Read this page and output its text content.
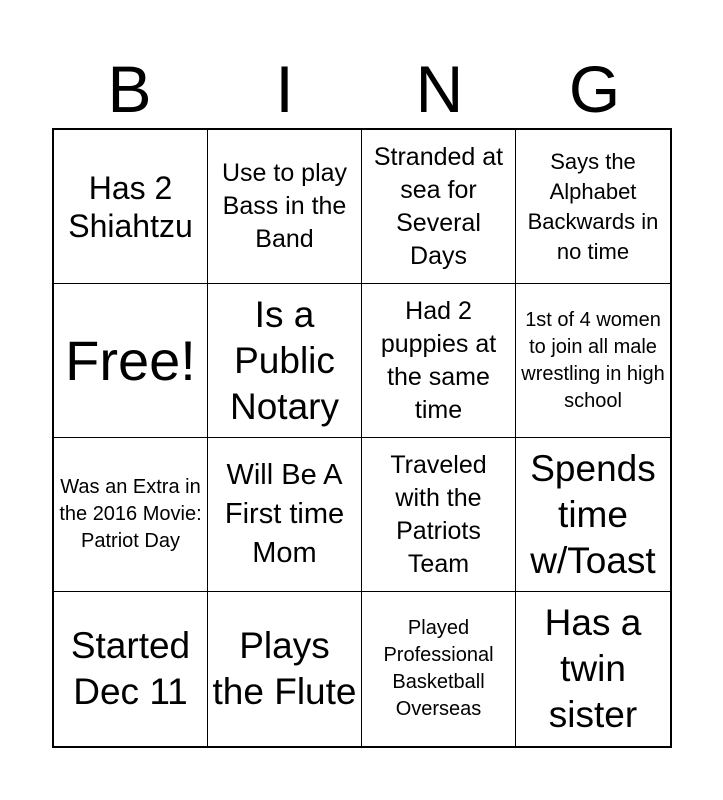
B	I	N	G
Has 2 Shiahtzu
Use to play Bass in the Band
Stranded at sea for Several Days
Says the Alphabet Backwards in no time
Free!
Is a Public Notary
Had 2 puppies at the same time
1st of 4 women to join all male wrestling in high school
Was an Extra in the 2016 Movie: Patriot Day
Will Be A First time Mom
Traveled with the Patriots Team
Spends time w/Toast
Started Dec 11
Plays the Flute
Played Professional Basketball Overseas
Has a twin sister
